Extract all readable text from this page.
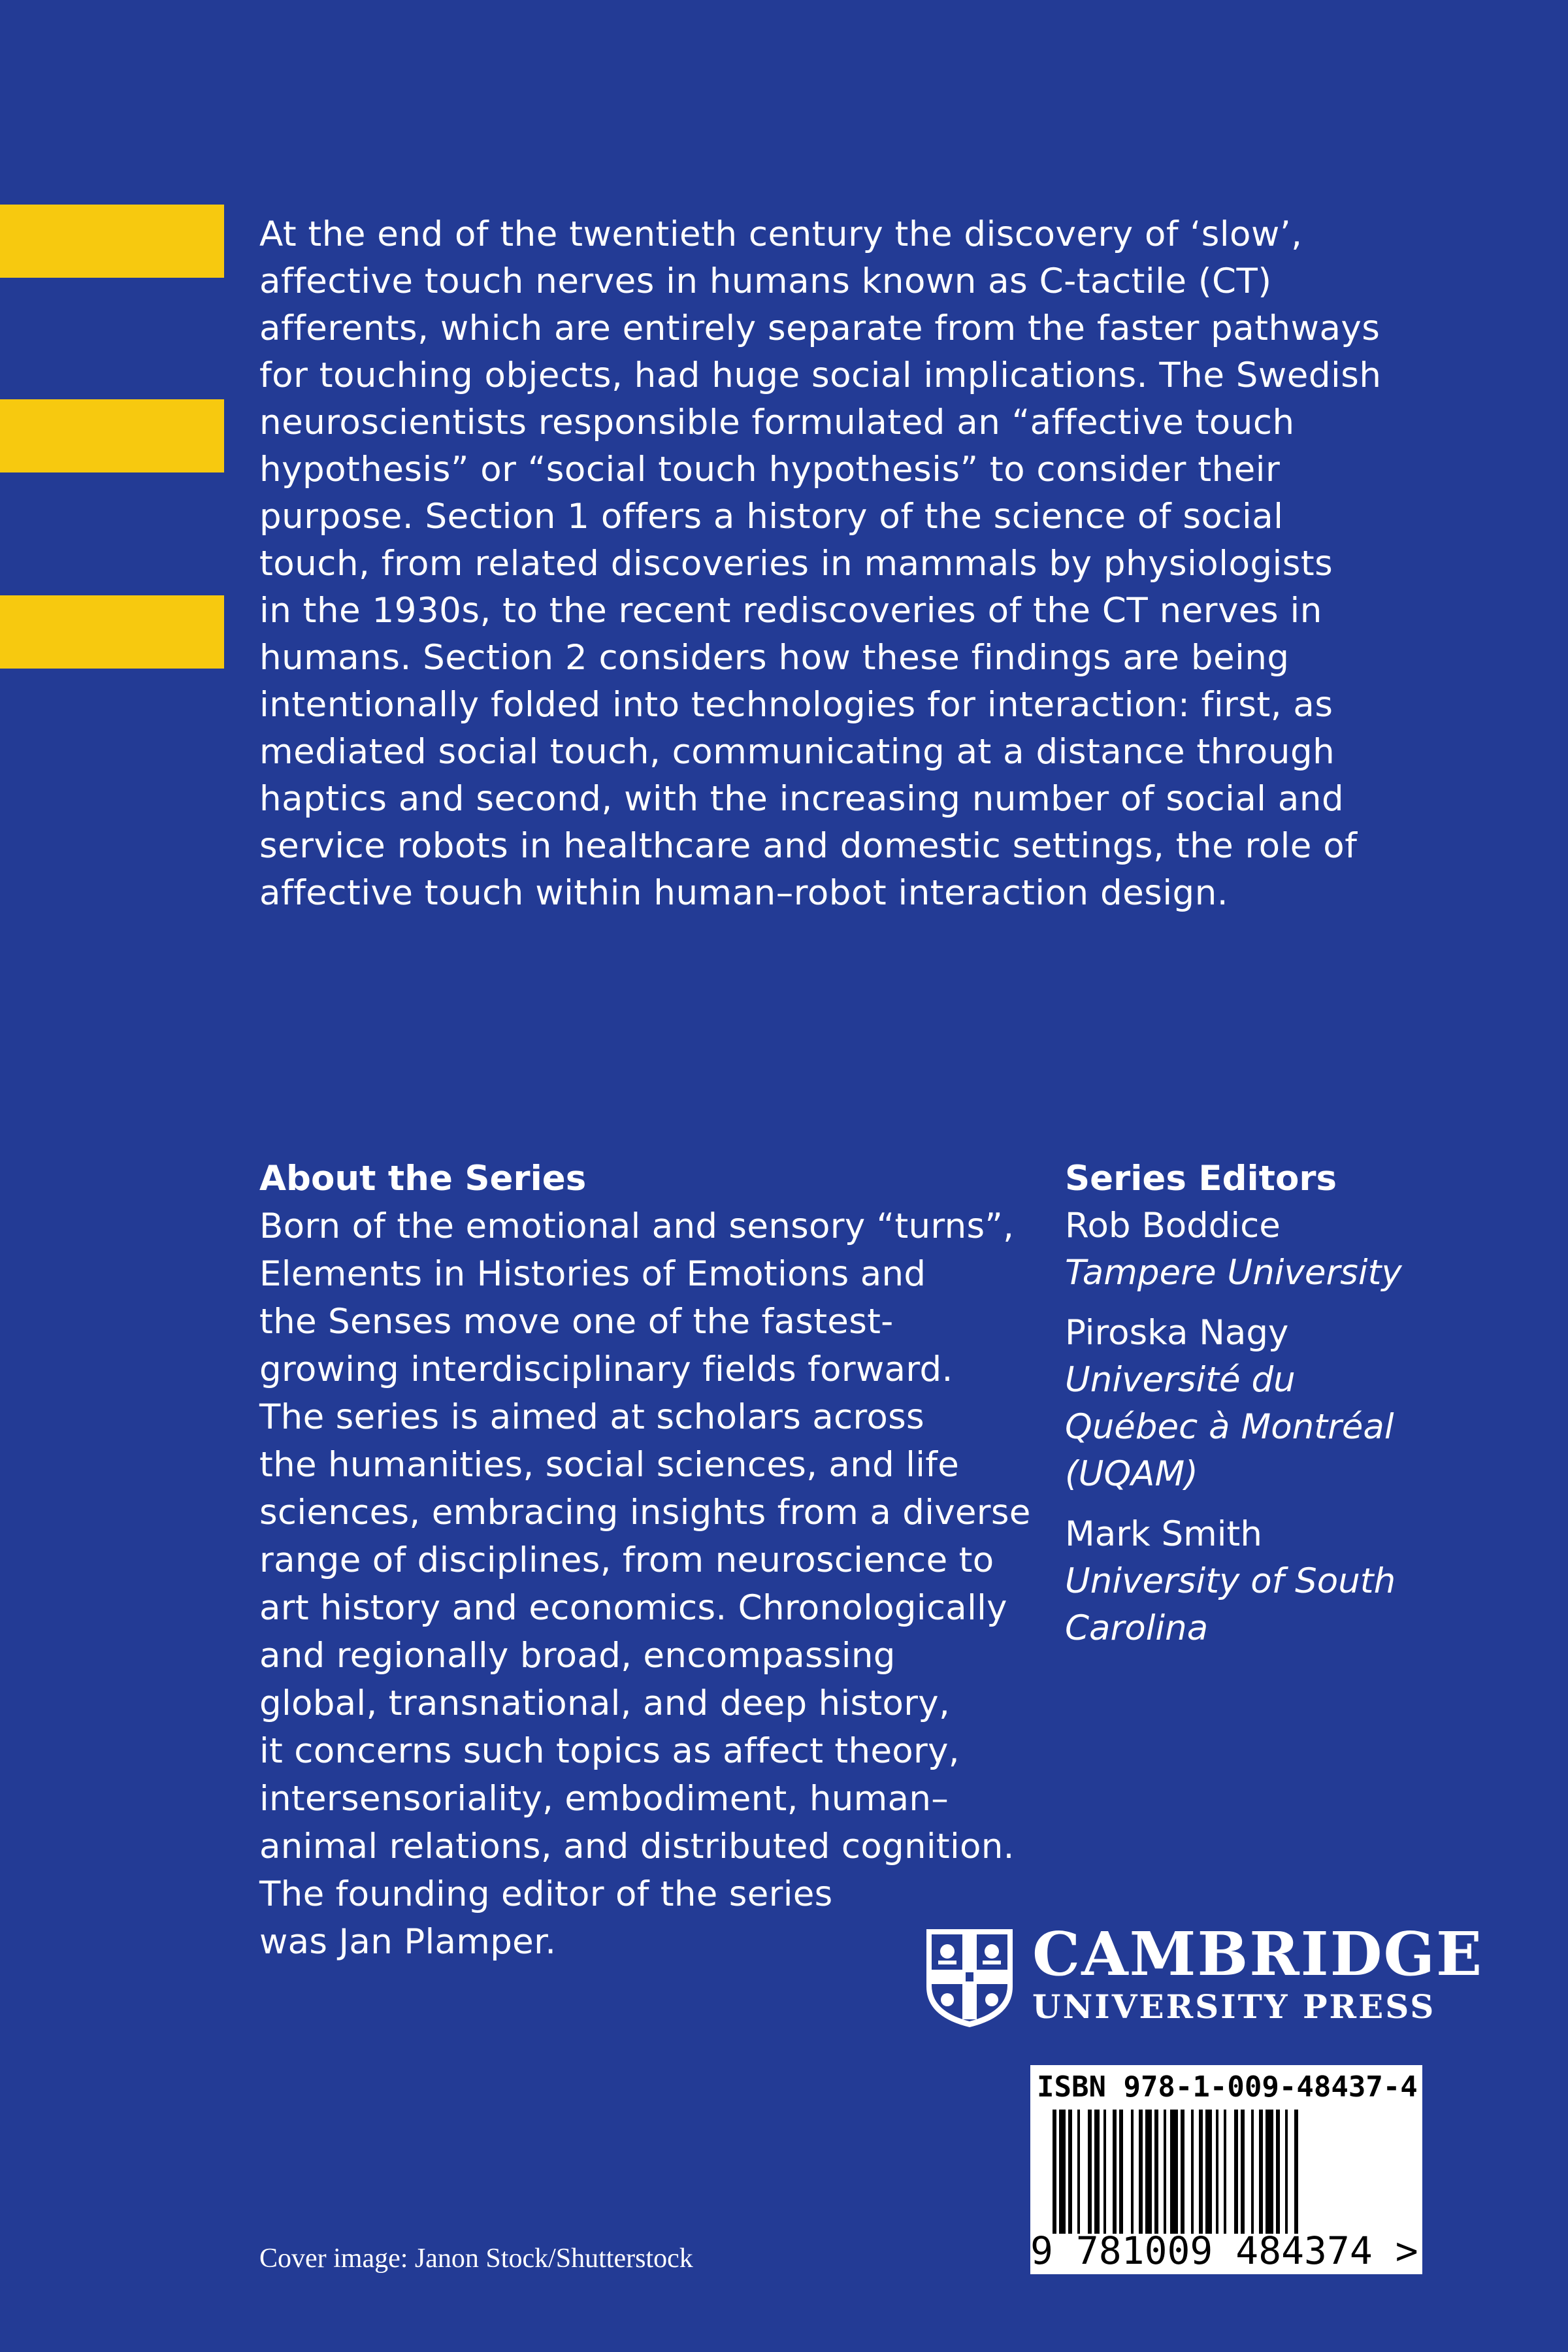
At the end of the twentieth century the discovery of ‘slow’,
affective touch nerves in humans known as C-tactile (CT)
afferents, which are entirely separate from the faster pathways
for touching objects, had huge social implications. The Swedish
neuroscientists responsible formulated an “affective touch
hypothesis” or “social touch hypothesis” to consider their
purpose. Section 1 offers a history of the science of social
touch, from related discoveries in mammals by physiologists
in the 1930s, to the recent rediscoveries of the CT nerves in
humans. Section 2 considers how these findings are being
intentionally folded into technologies for interaction: first, as
mediated social touch, communicating at a distance through
haptics and second, with the increasing number of social and
service robots in healthcare and domestic settings, the role of
affective touch within human–robot interaction design.

About the Series

Born of the emotional and sensory “turns”,
Elements in Histories of Emotions and
the Senses move one of the fastest-
growing interdisciplinary fields forward.
The series is aimed at scholars across
the humanities, social sciences, and life
sciences, embracing insights from a diverse
range of disciplines, from neuroscience to
art history and economics. Chronologically
and regionally broad, encompassing
global, transnational, and deep history,
it concerns such topics as affect theory,
intersensoriality, embodiment, human–
animal relations, and distributed cognition.
The founding editor of the series
was Jan Plamper.

Series Editors

Rob Boddice
Tampere University
Piroska Nagy
Université du
Québec à Montréal
(UQAM)
Mark Smith
University of South
Carolina
CAMBRIDGE
UNIVERSITY PRESS
ISBN 978-1-009-48437-4
9 781009 484374 >
Cover image: Janon Stock/Shutterstock
